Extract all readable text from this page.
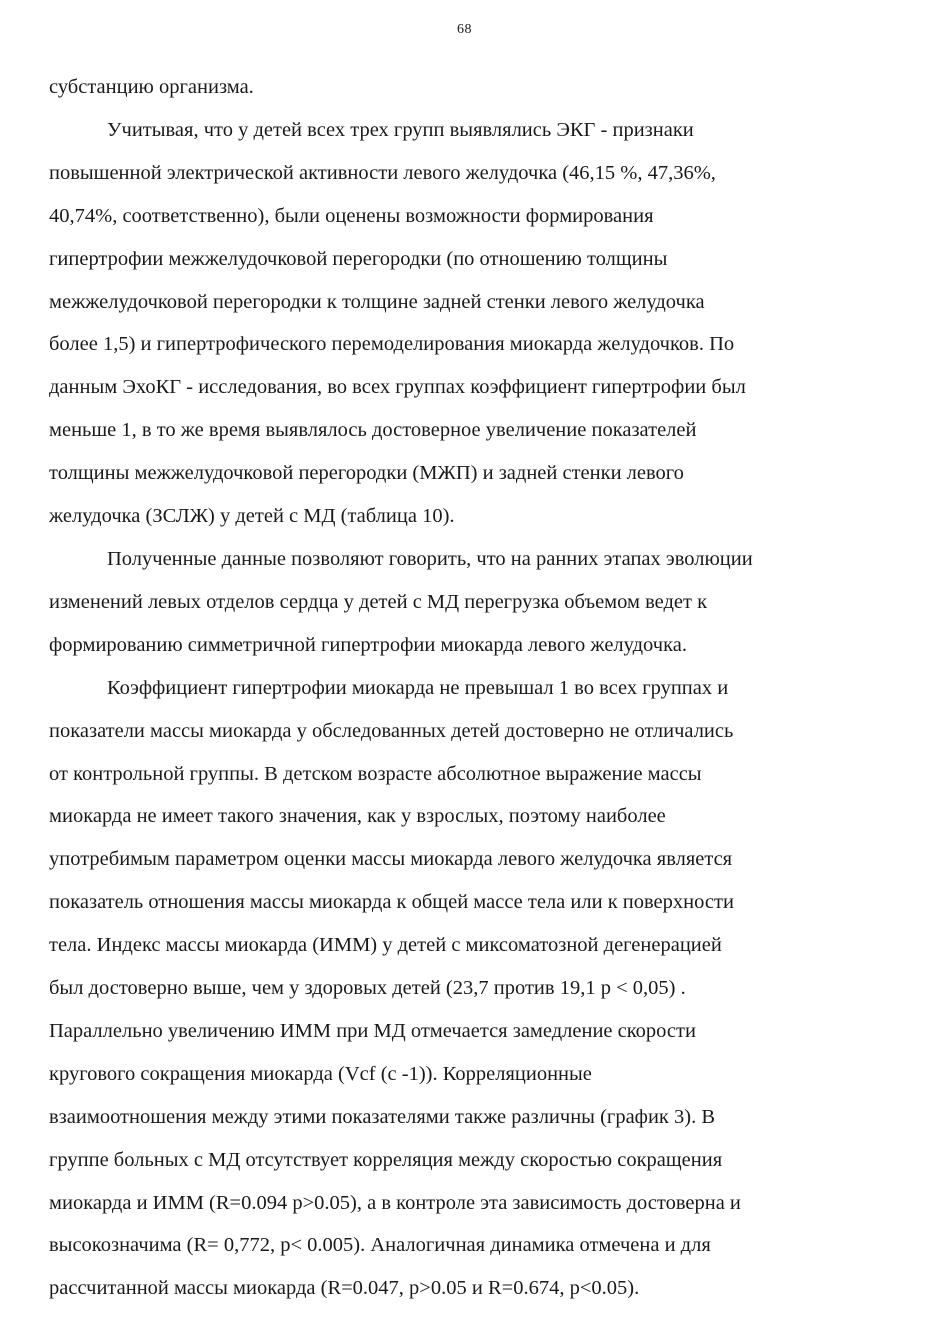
68

субстанцию организма.

Учитывая, что у детей всех трех групп выявлялись ЭКГ - признаки
повышенной электрической активности левого желудочка (46,15 %, 47,36%,
40,74%, соответственно), были оценены возможности формирования
гипертрофии межжелудочковой перегородки (по отношению толщины
межжелудочковой перегородки к толщине задней стенки левого желудочка
более 1,5) и гипертрофического перемоделирования миокарда желудочков. По
данным ЭхоКГ - исследования, во всех группах коэффициент гипертрофии был
меньше 1, в то же время выявлялось достоверное увеличение показателей
толщины межжелудочковой перегородки (МЖП) и задней стенки левого
желудочка (ЗСЛЖ) у детей с МД (таблица 10).

Полученные данные позволяют говорить, что на ранних этапах эволюции
изменений левых отделов сердца у детей с МД перегрузка объемом ведет к
формированию симметричной гипертрофии миокарда левого желудочка.

Коэффициент гипертрофии миокарда не превышал 1 во всех группах и
показатели массы миокарда у обследованных детей достоверно не отличались
от контрольной группы. В детском возрасте абсолютное выражение массы
миокарда не имеет такого значения, как у взрослых, поэтому наиболее
употребимым параметром оценки массы миокарда левого желудочка является
показатель отношения массы миокарда к общей массе тела или к поверхности
тела. Индекс массы миокарда (ИММ) у детей с миксоматозной дегенерацией
был достоверно выше, чем у здоровых детей (23,7 против 19,1 р < 0,05) .
Параллельно увеличению ИММ при МД отмечается замедление скорости
кругового сокращения миокарда (Vcf (с -1)). Корреляционные
взаимоотношения между этими показателями также различны (график 3). В
группе больных с МД отсутствует корреляция между скоростью сокращения
миокарда и ИММ (R=0.094 р>0.05), а в контроле эта зависимость достоверна и
высокозначима (R= 0,772, р< 0.005). Аналогичная динамика отмечена и для
рассчитанной массы миокарда (R=0.047, р>0.05 и R=0.674, р<0.05).
